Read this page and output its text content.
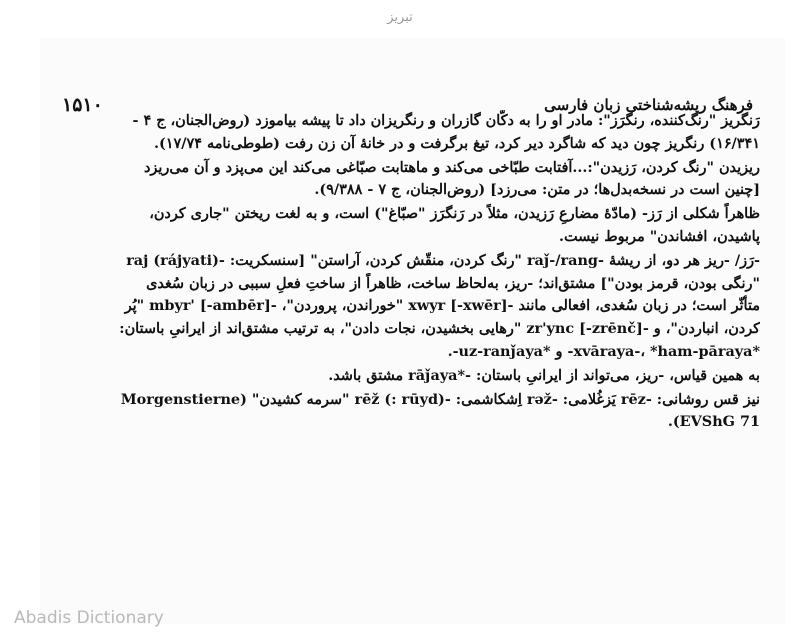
تبریز
۱۵۱۰	فرهنگ ریشه‌شناختی زبان فارسی
رَنگریز "رنگ‌کننده، رنگرَز": مادر او را به دکّان گازران و رنگریزان داد تا پیشه بیاموزد (روض‌الجنان، ج ۴ -
۱۶/۳۴۱) رنگریز چون دید که شاگرد دیر کرد، تیغ برگرفت و در خانهٔ آن زن رفت (طوطی‌نامه ۱۷/۷۴).
ریزیدن "رنگ کردن، رَزیدن":...آفتابت طبّاخی می‌کند و ماهتابت صبّاغی می‌کند این می‌پزد و آن می‌ریزد
[چنین است در نسخه‌بدل‌ها؛ در متن: می‌رزد] (روض‌الجنان، ج ۷ - ۹/۳۸۸).
ظاهراً شکلی از رَز- (مادّهٔ مضارعِ رَزیدن، مثلاً در رَنگرَز "صبّاغ") است، و به لغت ریختن "جاری کردن،
پاشیدن، افشاندن" مربوط نیست.
-رَز/ -ریز هر دو، از ریشهٔ -raǰ-/rang "رنگ کردن، منقّش کردن، آراستن" [سنسکریت: -raj (rájyati)
"رنگی بودن، قرمز بودن"] مشتق‌اند؛ -ریز، به‌لحاظ ساخت، ظاهراً از ساختِ فعلِ سببی در زبان سُغدی
متأثّر است؛ در زبان سُغدی، افعالی مانند -xwyr [-xwēr] "خوراندن، پروردن"، -mbyr' [-ambēr] "پُر
کردن، انباردن"، و -zr'ync [-zrēnč] "رهایی بخشیدن، نجات دادن"، به ترتیب مشتق‌اند از ایرانیِ باستان:
*xvāraya-، *ham-pāraya- و *uz-ranǰaya-.
به همین قیاس، -ریز، می‌تواند از ایرانیِ باستان: -*rāǰaya مشتق باشد.
نیز قس روشانی: -rēz یَزغُلامی: -rəž اِشکاشمی: -rēž (: rūyd) "سرمه کشیدن" (Morgenstierne
EVShG 71).
Abadis Dictionary
